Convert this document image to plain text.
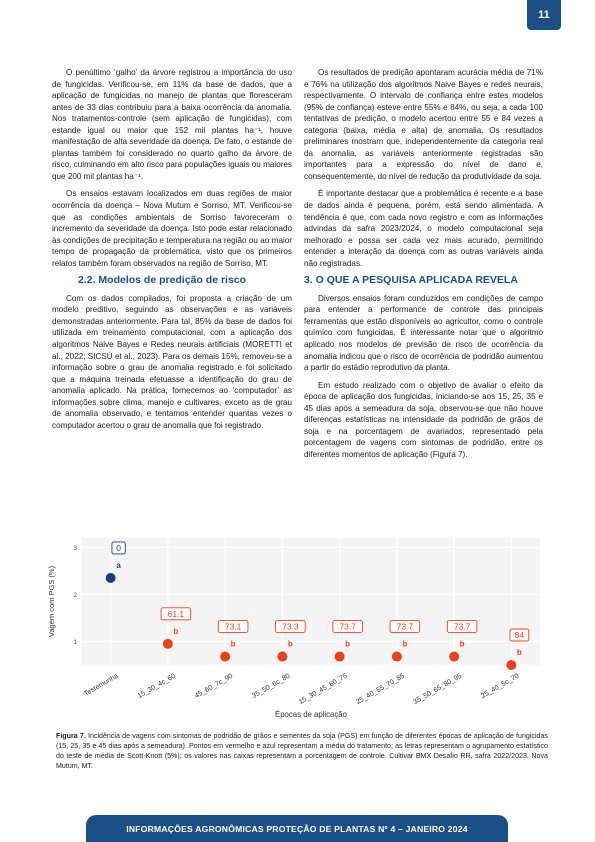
11

O penúltimo ‘galho’ da árvore registrou a importância do uso de fungicidas. Verificou-se, em 11% da base de dados, que a aplicação de fungicidas no manejo de plantas que floresceram antes de 33 dias contribuiu para a baixa ocorrência da anomalia. Nos tratamentos-controle (sem aplicação de fungicidas), com estande igual ou maior que 152 mil plantas ha⁻¹, houve manifestação de alta severidade da doença. De fato, o estande de plantas também foi considerado no quarto galho da árvore de risco, culminando em alto risco para populações iguais ou maiores que 200 mil plantas ha⁻¹.

Os ensaios estavam localizados em duas regiões de maior ocorrência da doença – Nova Mutum e Sorriso, MT. Verificou-se que as condições ambientais de Sorriso favoreceram o incremento da severidade da doença. Isto pode estar relacionado às condições de precipitação e temperatura na região ou ao maior tempo de propagação da problemática, visto que os primeiros relatos também foram observados na região de Sorriso, MT.

2.2. Modelos de predição de risco

Com os dados compilados, foi proposta a criação de um modelo preditivo, seguindo as observações e as variáveis demonstradas anteriormente. Para tal, 85% da base de dados foi utilizada em treinamento computacional, com a aplicação dos algoritmos Naive Bayes e Redes neurais artificiais (MORETTI et al., 2022; SICSÚ et al., 2023). Para os demais 15%, removeu-se a informação sobre o grau de anomalia registrado e foi solicitado que a máquina treinada efetuasse a identificação do grau de anomalia aplicado. Na prática, fornecemos ao ‘computador’ as informações sobre clima, manejo e cultivares, exceto as de grau de anomalia observado, e tentamos entender quantas vezes o computador acertou o grau de anomalia que foi registrado.

Os resultados de predição apontaram acurácia média de 71% e 76% na utilização dos algoritmos Naive Bayes e redes neurais, respectivamente. O intervalo de confiança entre estes modelos (95% de confiança) esteve entre 55% e 84%, ou seja, a cada 100 tentativas de predição, o modelo acertou entre 55 e 84 vezes a categoria (baixa, média e alta) de anomalia. Os resultados preliminares mostram que, independentemente da categoria real da anomalia, as variáveis anteriormente registradas são importantes para a expressão do nível de dano e, consequentemente, do nível de redução da produtividade da soja.

É importante destacar que a problemática é recente e a base de dados ainda é pequena, porém, está sendo alimentada. A tendência é que, com cada novo registro e com as informações advindas da safra 2023/2024, o modelo computacional seja melhorado e possa ser cada vez mais acurado, permitindo entender a interação da doença com as outras variáveis ainda não registradas.

3. O QUE A PESQUISA APLICADA REVELA

Diversos ensaios foram conduzidos em condições de campo para entender a performance de controle das principais ferramentas que estão disponíveis ao agricultor, como o controle químico com fungicidas. É interessante notar que o algoritmo aplicado nos modelos de previsão de risco de ocorrência da anomalia indicou que o risco de ocorrência de podridão aumentou a partir do estádio reprodutivo da planta.

Em estudo realizado com o objetivo de avaliar o efeito da época de aplicação dos fungicidas, iniciando-se aos 15, 25, 35 e 45 dias após a semeadura da soja, observou-se que não houve diferenças estatísticas na intensidade da podridão de grãos de soja e na porcentagem de avariados, representado pela porcentagem de vagens com sintomas de podridão, entre os diferentes momentos de aplicação (Figura 7).

1
2
3
Testemunha 15_30_4c_60 45_60_7c_90 35_50_6c_80 15_30_45_60_75 25_40_55_70_85 35_50_65_80_95 25_40_5c_70
Vagem com PGS (%)
Épocas de aplicação
a
0
b
61.1
b
73.1
b
73.3
b
73.7
b
73.7
b
73.7
b
84
Figura 7. Incidência de vagens com sintomas de podridão de grãos e sementes da soja (PGS) em função de diferentes épocas de aplicação de fungicidas (15, 25, 35 e 45 dias após a semeadura). Pontos em vermelho e azul representam a média do tratamento; as letras representam o agrupamento estatístico do teste de média de Scott-Knott (5%); os valores nas caixas representam a porcentagem de controle. Cultivar BMX Desafio RR, safra 2022/2023, Nova Mutum, MT.
INFORMAÇÕES AGRONÔMICAS PROTEÇÃO DE PLANTAS Nº 4 – JANEIRO 2024
